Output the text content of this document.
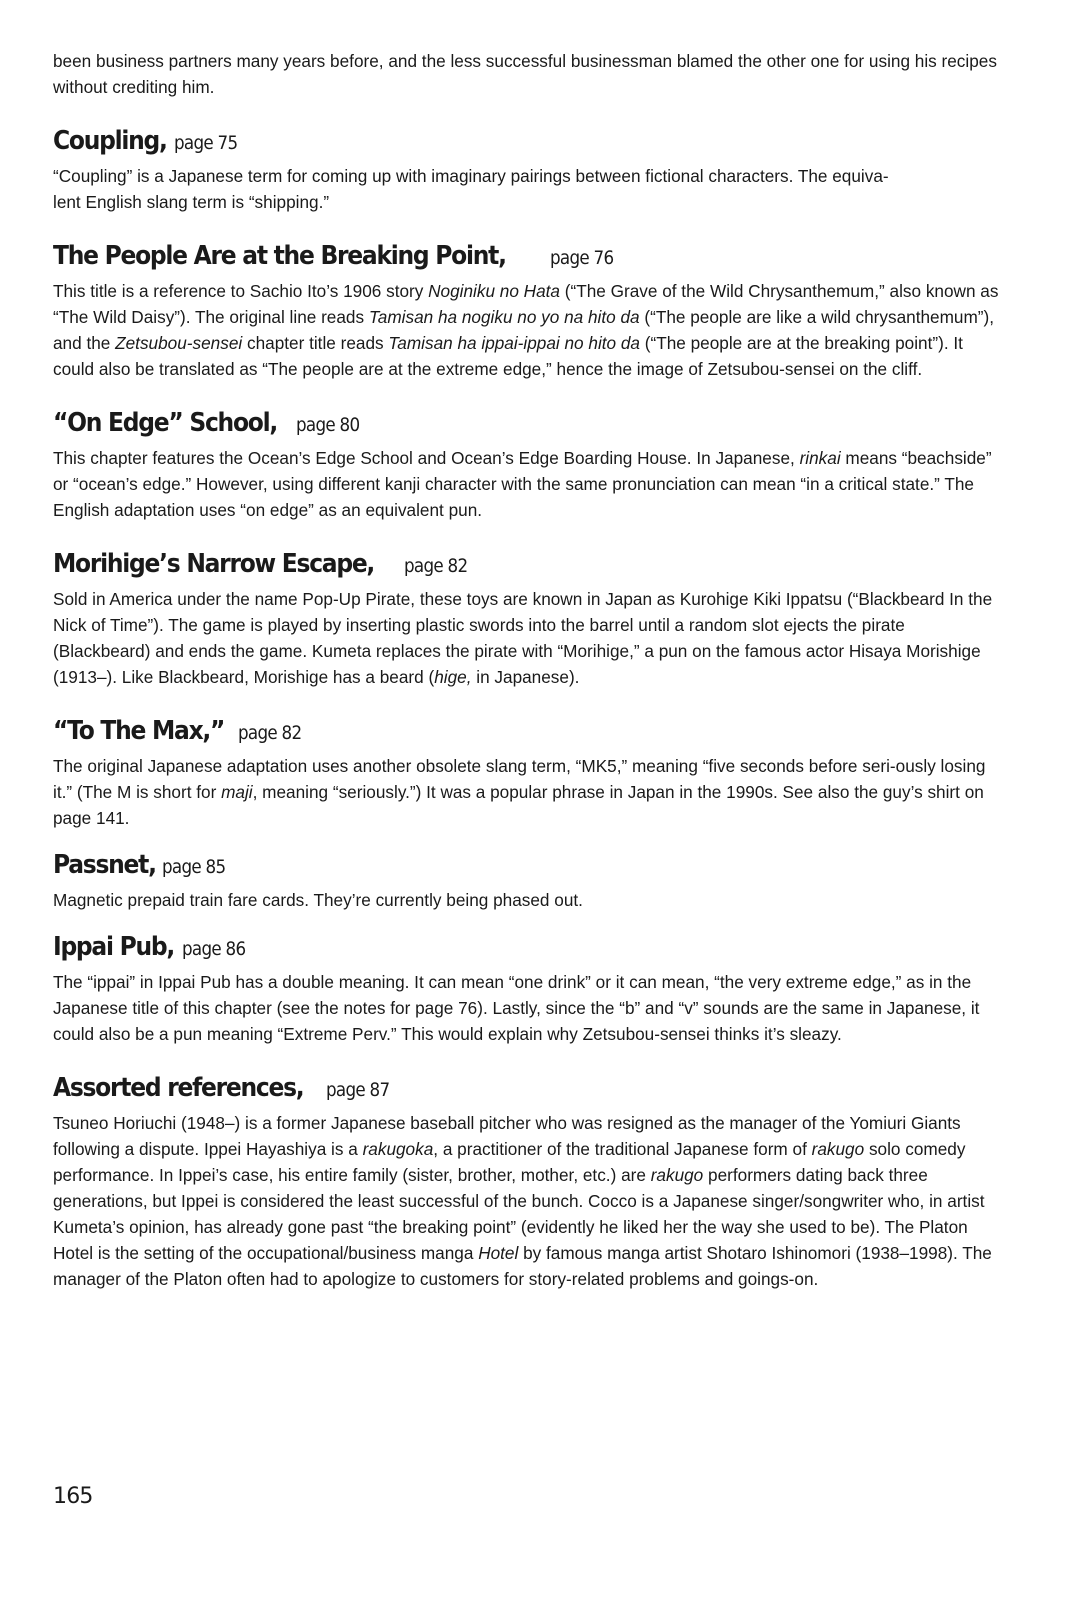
been business partners many years before, and the less successful businessman blamed the other one for using his recipes without crediting him.

Coupling, page 75

“Coupling” is a Japanese term for coming up with imaginary pairings between fictional characters. The equiva-
lent English slang term is “shipping.”

The People Are at the Breaking Point, page 76

This title is a reference to Sachio Ito’s 1906 story Noginiku no Hata (“The Grave of the Wild Chrysanthemum,” also known as “The Wild Daisy”). The original line reads Tamisan ha nogiku no yo na hito da (“The people are like a wild chrysanthemum”), and the Zetsubou-sensei chapter title reads Tamisan ha ippai-ippai no hito da (“The people are at the breaking point”). It could also be translated as “The people are at the extreme edge,” hence the image of Zetsubou-sensei on the cliff.

“On Edge” School, page 80

This chapter features the Ocean’s Edge School and Ocean’s Edge Boarding House. In Japanese, rinkai means “beachside” or “ocean’s edge.” However, using different kanji character with the same pronunciation can mean “in a critical state.” The English adaptation uses “on edge” as an equivalent pun.

Morihige’s Narrow Escape, page 82

Sold in America under the name Pop-Up Pirate, these toys are known in Japan as Kurohige Kiki Ippatsu (“Blackbeard In the Nick of Time”). The game is played by inserting plastic swords into the barrel until a random slot ejects the pirate (Blackbeard) and ends the game. Kumeta replaces the pirate with “Morihige,” a pun on the famous actor Hisaya Morishige (1913–). Like Blackbeard, Morishige has a beard (hige, in Japanese).

“To The Max,” page 82

The original Japanese adaptation uses another obsolete slang term, “MK5,” meaning “five seconds before seri-ously losing it.” (The M is short for maji, meaning “seriously.”) It was a popular phrase in Japan in the 1990s. See also the guy’s shirt on page 141.

Passnet, page 85

Magnetic prepaid train fare cards. They’re currently being phased out.

Ippai Pub, page 86

The “ippai” in Ippai Pub has a double meaning. It can mean “one drink” or it can mean, “the very extreme edge,” as in the Japanese title of this chapter (see the notes for page 76). Lastly, since the “b” and “v” sounds are the same in Japanese, it could also be a pun meaning “Extreme Perv.” This would explain why Zetsubou-sensei thinks it’s sleazy.

Assorted references, page 87

Tsuneo Horiuchi (1948–) is a former Japanese baseball pitcher who was resigned as the manager of the Yomiuri Giants following a dispute. Ippei Hayashiya is a rakugoka, a practitioner of the traditional Japanese form of rakugo solo comedy performance. In Ippei’s case, his entire family (sister, brother, mother, etc.) are rakugo performers dating back three generations, but Ippei is considered the least successful of the bunch. Cocco is a Japanese singer/songwriter who, in artist Kumeta’s opinion, has already gone past “the breaking point” (evidently he liked her the way she used to be). The Platon Hotel is the setting of the occupational/business manga Hotel by famous manga artist Shotaro Ishinomori (1938–1998). The manager of the Platon often had to apologize to customers for story-related problems and goings-on.

165
